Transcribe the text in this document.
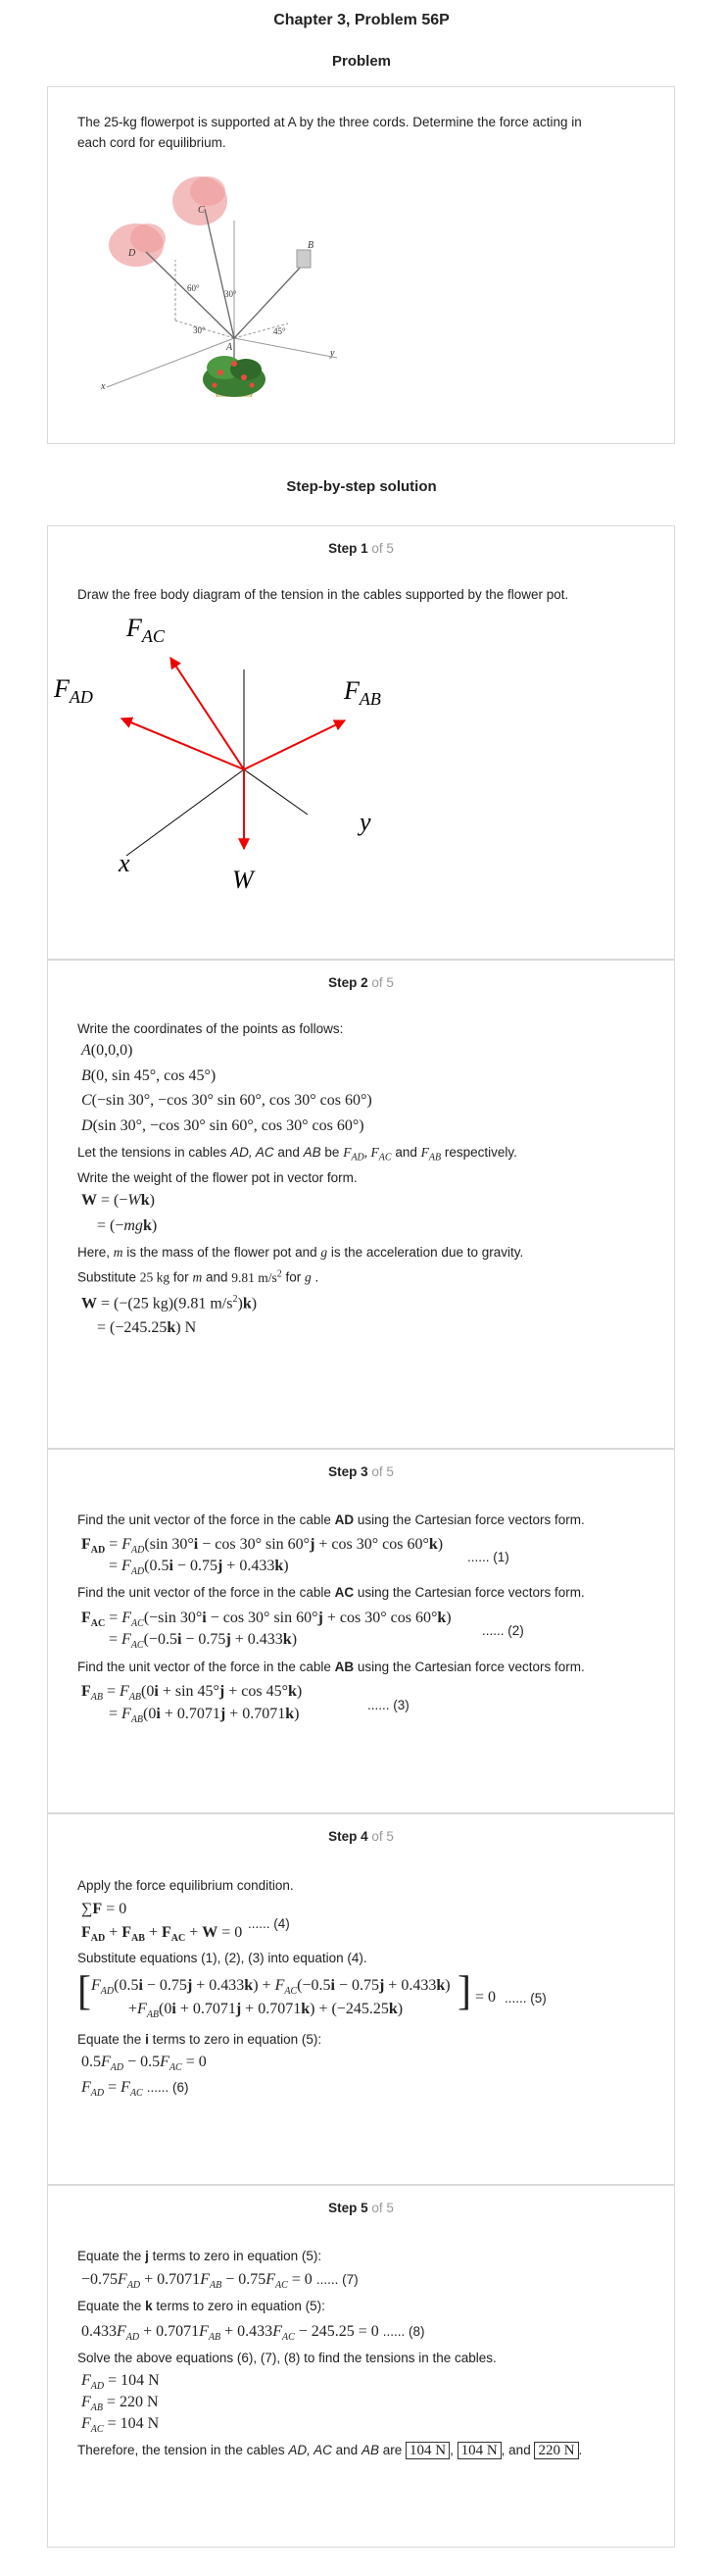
Chapter 3, Problem 56P
Problem
The 25-kg flowerpot is supported at A by the three cords. Determine the force acting in
each cord for equilibrium.
C
D
B
A
x
y
60°
30°
30°	45°
Step-by-step solution
Step 1 of 5
Draw the free body diagram of the tension in the cables supported by the flower pot.
$F_{AC}$
$F_{AD}$	$F_{AB}$
y
x
W
Step 2 of 5
Write the coordinates of the points as follows:
A(0,0,0)
B(0, sin 45°, cos 45°)
C(−sin 30°, −cos 30° sin 60°, cos 30° cos 60°)
D(sin 30°, −cos 30° sin 60°, cos 30° cos 60°)
Let the tensions in cables AD, AC and AB be $F_{AD}$, $F_{AC}$ and $F_{AB}$ respectively.
Write the weight of the flower pot in vector form.
W = (−Wk)
= (−mgk)
Here, m is the mass of the flower pot and g is the acceleration due to gravity.
Substitute 25 kg for m and 9.81 $m/s^2$ for g .
W = (−(25 kg)(9.81 $m/s^2)k$)
= (−245.25k) N
Step 3 of 5
Find the unit vector of the force in the cable AD using the Cartesian force vectors form.
$F_{AD} = F_{AD}(\sin$ 30°i − cos 30° sin 60°j + cos 30° cos 60°k)
= $F_{AD}(0.5i - 0.75j + 0.433k)$
...... (1)
Find the unit vector of the force in the cable AC using the Cartesian force vectors form.
$F_{AC} = F_{AC}(-\sin$ 30°i − cos 30° sin 60°j + cos 30° cos 60°k)
= $F_{AC}(-0.5i - 0.75j + 0.433k)$
...... (2)
Find the unit vector of the force in the cable AB using the Cartesian force vectors form.
$F_{AB} = F_{AB}(0i + \sin 45^\circ j + \cos 45^\circ k)$
= $F_{AB}(0i + 0.7071j + 0.7071k)$
...... (3)
Step 4 of 5
Apply the force equilibrium condition.
∑F = 0
$F_{AD} + F_{AB} + F_{AC} + W = 0$
...... (4)
Substitute equations (1), (2), (3) into equation (4).
[ $F_{AD}(0.5i - 0.75j + 0.433k) + F_{AC}(-0.5i - 0.75j + 0.433k)$
$+F_{AB}(0i + 0.7071j + 0.7071k) + (-245.25k)$ ] = 0 ...... (5)
Equate the i terms to zero in equation (5):
$0.5F_{AD} - 0.5F_{AC} = 0$
$F_{AD} = F_{AC}$ ...... (6)
Step 5 of 5
Equate the j terms to zero in equation (5):
$-0.75F_{AD} + 0.7071F_{AB} - 0.75F_{AC} = 0$ ...... (7)
Equate the k terms to zero in equation (5):
$0.433F_{AD} + 0.7071F_{AB} + 0.433F_{AC} - 245.25 = 0$ ...... (8)
Solve the above equations (6), (7), (8) to find the tensions in the cables.
$F_{AD} = 104$ N
$F_{AB} = 220$ N
$F_{AC} = 104$ N
Therefore, the tension in the cables AD, AC and AB are 104 N , 104 N , and 220 N .
